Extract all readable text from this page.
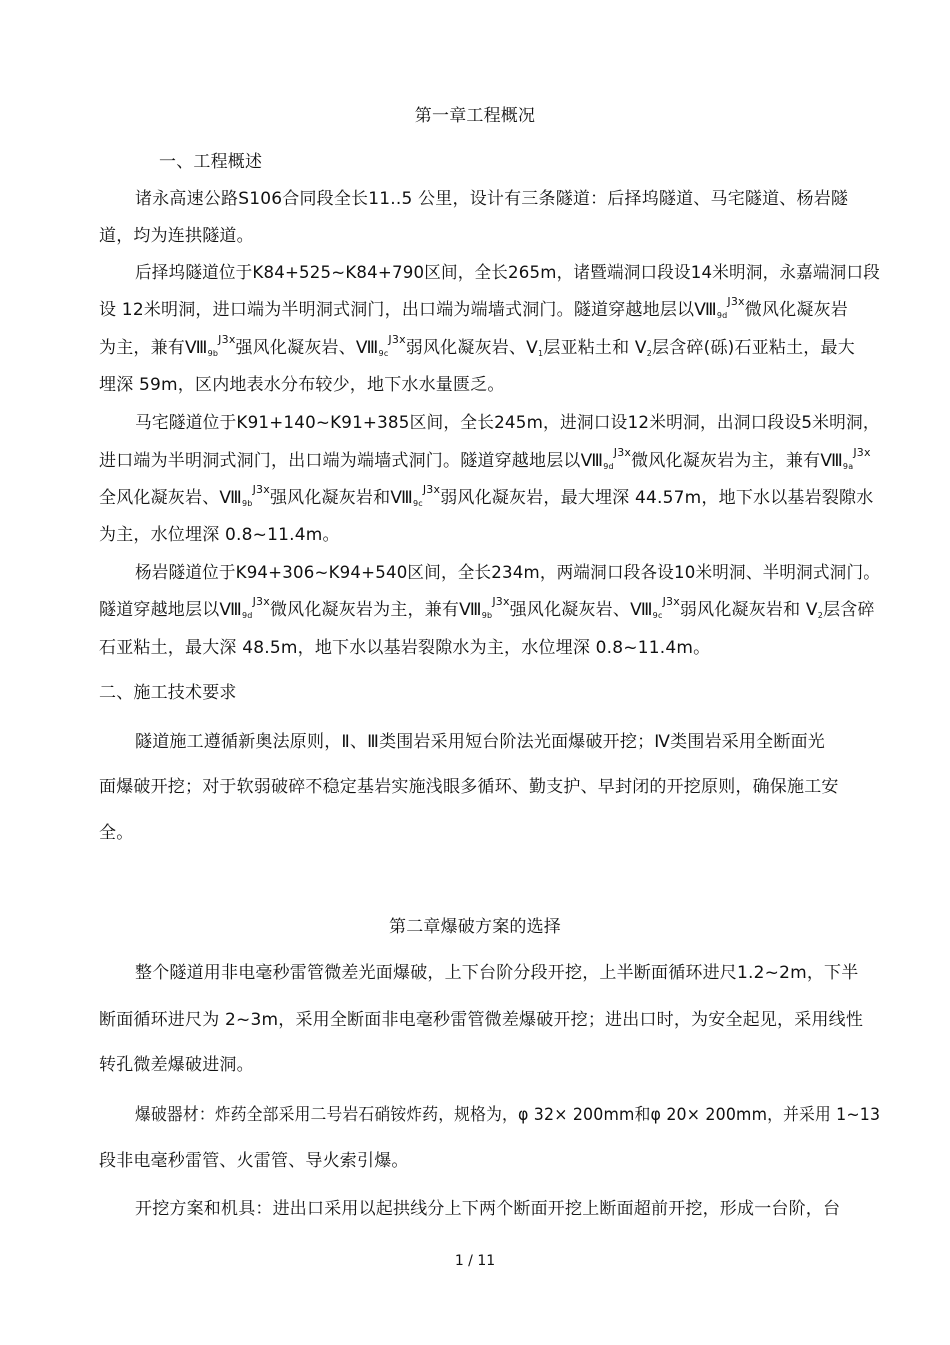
第一章工程概况
一、工程概述
诸永高速公路S106合同段全长11..5 公里，设计有三条隧道：后择坞隧道、马宅隧道、杨岩隧
道，均为连拱隧道。
后择坞隧道位于K84+525~K84+790区间，全长265m，诸暨端洞口段设14米明洞，永嘉端洞口段
设 12米明洞，进口端为半明洞式洞门，出口端为端墙式洞门。隧道穿越地层以$Ⅷ9d^{J3x}$微风化凝灰岩
为主，兼有$Ⅷ9b^{J3x}$强风化凝灰岩、$Ⅷ9c^{J3x}$弱风化凝灰岩、V1层亚粘土和 V2层含碎(砾)石亚粘土，最大
埋深 59m，区内地表水分布较少，地下水水量匮乏。
马宅隧道位于K91+140~K91+385区间，全长245m，进洞口设12米明洞，出洞口段设5米明洞，
进口端为半明洞式洞门，出口端为端墙式洞门。隧道穿越地层以$Ⅷ9d^{J3x}$微风化凝灰岩为主，兼有$Ⅷ9a^{J3x}$
全风化凝灰岩、$Ⅷ9b^{J3x}$强风化凝灰岩和$Ⅷ9c^{J3x}$弱风化凝灰岩，最大埋深 44.57m，地下水以基岩裂隙水
为主，水位埋深 0.8~11.4m。
杨岩隧道位于K94+306~K94+540区间，全长234m，两端洞口段各设10米明洞、半明洞式洞门。
隧道穿越地层以$Ⅷ9d^{J3x}$微风化凝灰岩为主，兼有$Ⅷ9b^{J3x}$强风化凝灰岩、$Ⅷ9c^{J3x}$弱风化凝灰岩和 V2层含碎
石亚粘土，最大深 48.5m，地下水以基岩裂隙水为主，水位埋深 0.8~11.4m。
二、施工技术要求
隧道施工遵循新奥法原则，Ⅱ、Ⅲ类围岩采用短台阶法光面爆破开挖；Ⅳ类围岩采用全断面光
面爆破开挖；对于软弱破碎不稳定基岩实施浅眼多循环、勤支护、早封闭的开挖原则，确保施工安
全。
第二章爆破方案的选择
整个隧道用非电毫秒雷管微差光面爆破，上下台阶分段开挖，上半断面循环进尺1.2~2m，下半
断面循环进尺为 2~3m，采用全断面非电毫秒雷管微差爆破开挖；进出口时，为安全起见，采用线性
转孔微差爆破进洞。
爆破器材：炸药全部采用二号岩石硝铵炸药，规格为，φ 32× 200mm和φ 20× 200mm，并采用 1~13
段非电毫秒雷管、火雷管、导火索引爆。
开挖方案和机具：进出口采用以起拱线分上下两个断面开挖上断面超前开挖，形成一台阶，台
1 / 11
